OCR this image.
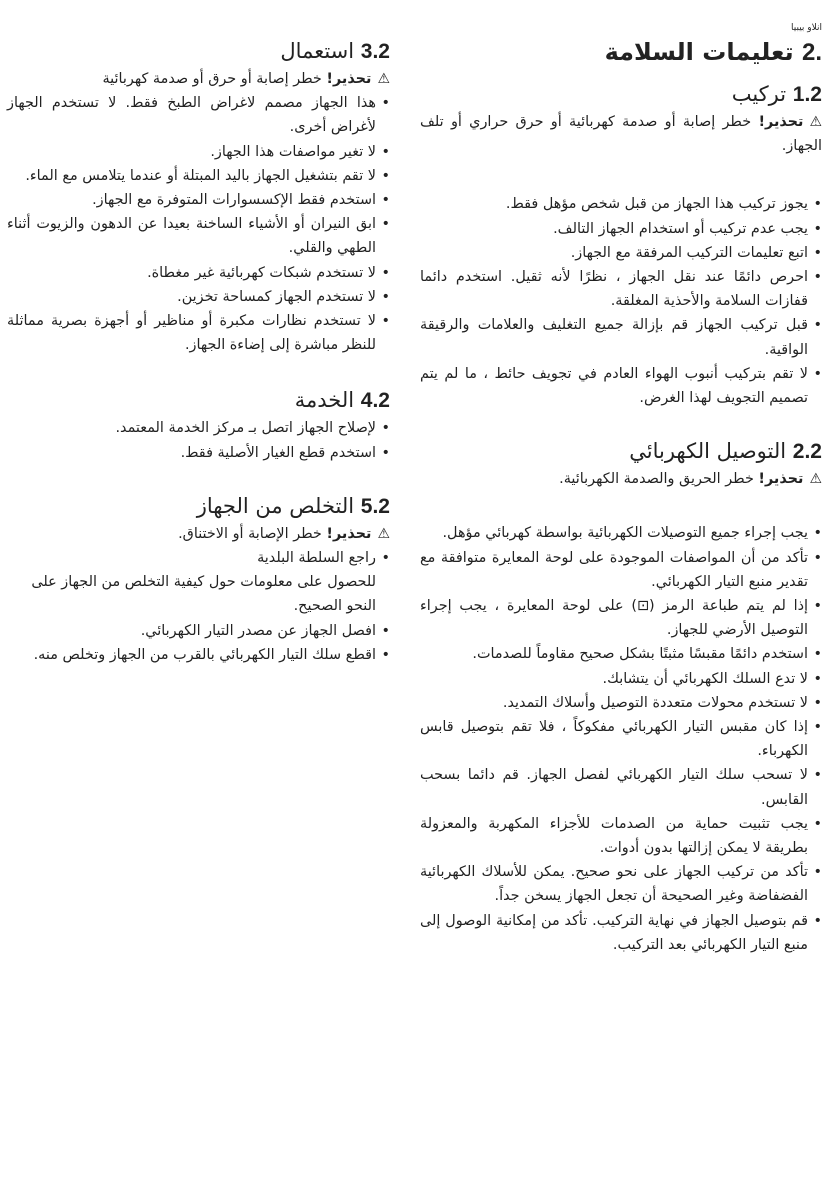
انلاو بيبيا

.2 تعليمات السلامة
1.2 تركيب

⚠تحذير! خطر إصابة أو صدمة كهربائية أو حرق حراري أو تلف الجهاز.

• يجوز تركيب هذا الجهاز من قبل شخص مؤهل فقط.
• يجب عدم تركيب أو استخدام الجهاز التالف.
• اتبع تعليمات التركيب المرفقة مع الجهاز.
• احرص دائمًا عند نقل الجهاز ، نظرًا لأنه ثقيل. استخدم دائما قفازات السلامة والأحذية المغلقة.
• قبل تركيب الجهاز قم بإزالة جميع التغليف والعلامات والرقيقة الواقية.
• لا تقم بتركيب أنبوب الهواء العادم في تجويف حائط ، ما لم يتم تصميم التجويف لهذا الغرض.
2.2 التوصيل الكهربائي

⚠تحذير! خطر الحريق والصدمة الكهربائية.

• يجب إجراء جميع التوصيلات الكهربائية بواسطة كهربائي مؤهل.
• تأكد من أن المواصفات الموجودة على لوحة المعايرة متوافقة مع تقدير منبع التيار الكهربائي.
• إذا لم يتم طباعة الرمز (⊡) على لوحة المعايرة ، يجب إجراء التوصيل الأرضي للجهاز.
• استخدم دائمًا مقبسًا مثبتًا بشكل صحيح مقاوماً للصدمات.
• لا تدع السلك الكهربائي أن يتشابك.
• لا تستخدم محولات متعددة التوصيل وأسلاك التمديد.
• إذا كان مقبس التيار الكهربائي مفكوكاً ، فلا تقم بتوصيل قابس الكهرباء.
• لا تسحب سلك التيار الكهربائي لفصل الجهاز. قم دائما بسحب القابس.
• يجب تثبيت حماية من الصدمات للأجزاء المكهربة والمعزولة بطريقة لا يمكن إزالتها بدون أدوات.
• تأكد من تركيب الجهاز على نحو صحيح. يمكن للأسلاك الكهربائية الفضفاضة وغير الصحيحة أن تجعل الجهاز يسخن جداً.
• قم بتوصيل الجهاز في نهاية التركيب. تأكد من إمكانية الوصول إلى منبع التيار الكهربائي بعد التركيب.
3.2 استعمال

⚠تحذير! خطر إصابة أو حرق أو صدمة كهربائية

• هذا الجهاز مصمم لاغراض الطبخ فقط. لا تستخدم الجهاز لأغراض أخرى.
• لا تغير مواصفات هذا الجهاز.
• لا تقم بتشغيل الجهاز باليد المبتلة أو عندما يتلامس مع الماء.
• استخدم فقط الإكسسوارات المتوفرة مع الجهاز.
• ابق النيران أو الأشياء الساخنة بعيدا عن الدهون والزيوت أثناء الطهي والقلي.
• لا تستخدم شبكات كهربائية غير مغطاة.
• لا تستخدم الجهاز كمساحة تخزين.
• لا تستخدم نظارات مكبرة أو مناظير أو أجهزة بصرية مماثلة للنظر مباشرة إلى إضاءة الجهاز.
4.2 الخدمة
• لإصلاح الجهاز اتصل بـ مركز الخدمة المعتمد.
• استخدم قطع الغيار الأصلية فقط.
5.2 التخلص من الجهاز

⚠تحذير! خطر الإصابة أو الاختناق.

• راجع السلطة البلدية

للحصول على معلومات حول كيفية التخلص من الجهاز على النحو الصحيح.

• افصل الجهاز عن مصدر التيار الكهربائي.
• اقطع سلك التيار الكهربائي بالقرب من الجهاز وتخلص منه.
